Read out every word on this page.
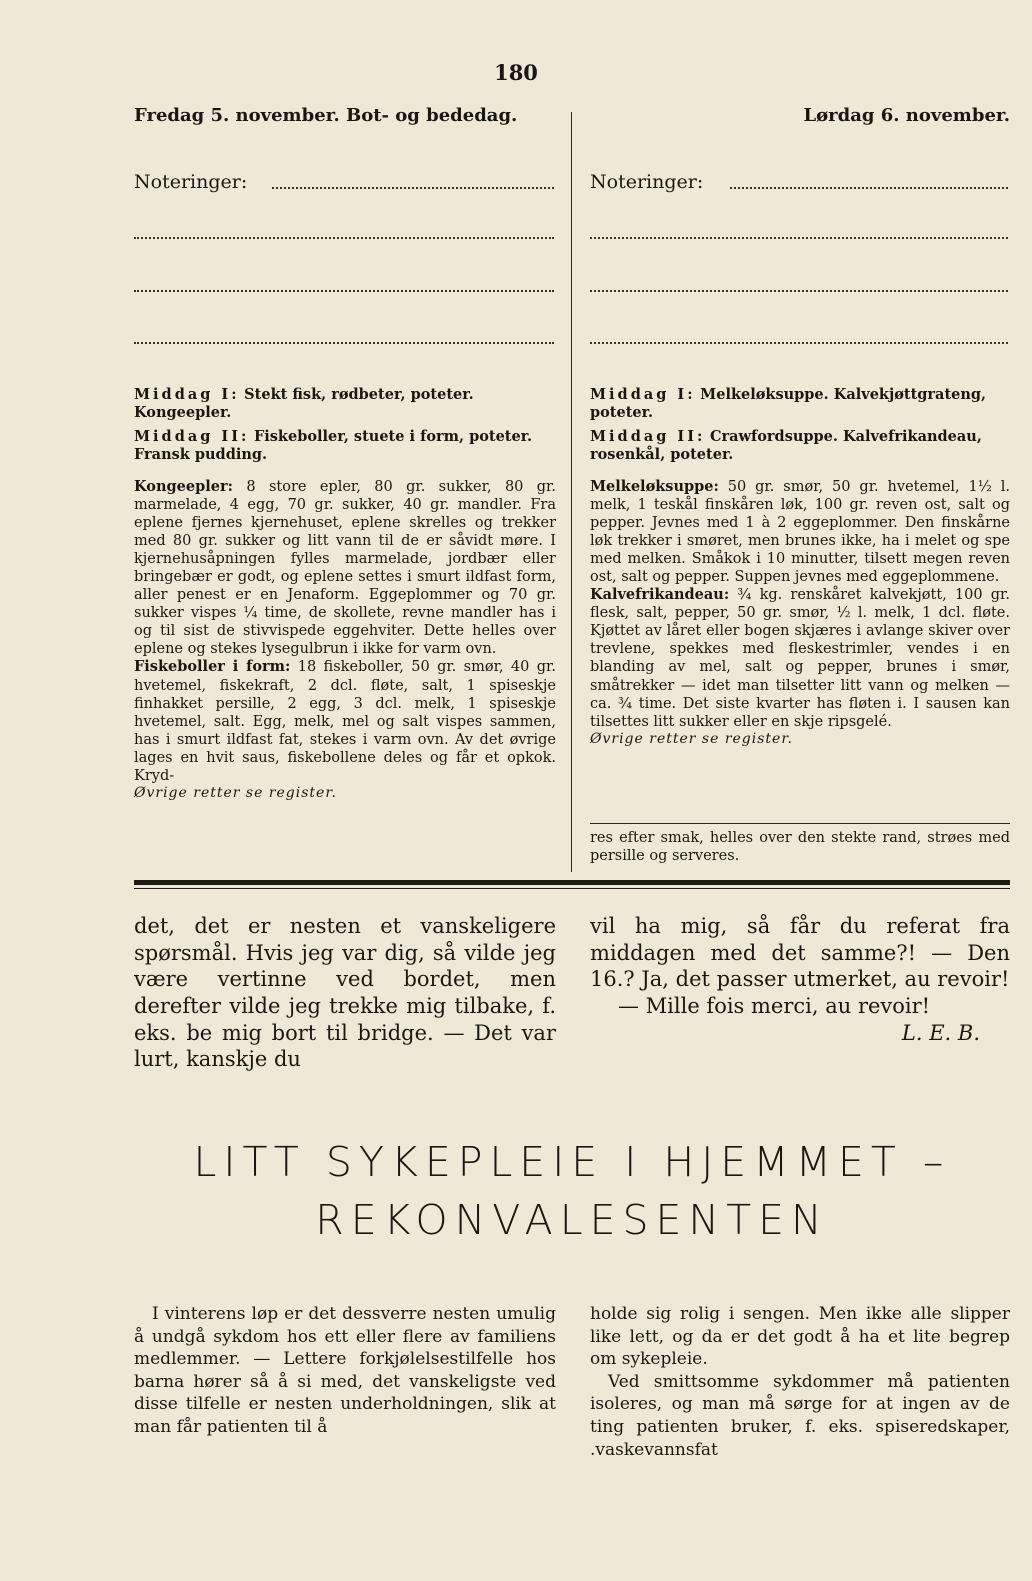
180
Fredag 5. november. Bot- og bededag.	Lørdag 6. november.
Noteringer:	Noteringer:

Middag I: Stekt fisk, rødbeter, poteter. Kongeepler.

Middag II: Fiskeboller, stuete i form, poteter. Fransk pudding.

Kongeepler: 8 store epler, 80 gr. sukker, 80 gr. marmelade, 4 egg, 70 gr. sukker, 40 gr. mandler. Fra eplene fjernes kjernehuset, eplene skrelles og trekker med 80 gr. sukker og litt vann til de er såvidt møre. I kjernehusåpningen fylles marmelade, jordbær eller bringebær er godt, og eplene settes i smurt ildfast form, aller penest er en Jenaform. Eggeplommer og 70 gr. sukker vispes ¼ time, de skollete, revne mandler has i og til sist de stivvispede eggehviter. Dette helles over eplene og stekes lysegulbrun i ikke for varm ovn.

Fiskeboller i form: 18 fiskeboller, 50 gr. smør, 40 gr. hvetemel, fiskekraft, 2 dcl. fløte, salt, 1 spiseskje finhakket persille, 2 egg, 3 dcl. melk, 1 spiseskje hvetemel, salt. Egg, melk, mel og salt vispes sammen, has i smurt ildfast fat, stekes i varm ovn. Av det øvrige lages en hvit saus, fiskebollene deles og får et opkok. Kryd-

Øvrige retter se register.

Middag I: Melkeløksuppe. Kalvekjøttgrateng, poteter.

Middag II: Crawfordsuppe. Kalvefrikandeau, rosenkål, poteter.

Melkeløksuppe: 50 gr. smør, 50 gr. hvetemel, 1½ l. melk, 1 teskål finskåren løk, 100 gr. reven ost, salt og pepper. Jevnes med 1 à 2 eggeplommer. Den finskårne løk trekker i smøret, men brunes ikke, ha i melet og spe med melken. Småkok i 10 minutter, tilsett megen reven ost, salt og pepper. Suppen jevnes med eggeplommene.

Kalvefrikandeau: ¾ kg. renskåret kalvekjøtt, 100 gr. flesk, salt, pepper, 50 gr. smør, ½ l. melk, 1 dcl. fløte. Kjøttet av låret eller bogen skjæres i avlange skiver over trevlene, spekkes med fleskestrimler, vendes i en blanding av mel, salt og pepper, brunes i smør, småtrekker — idet man tilsetter litt vann og melken — ca. ¾ time. Det siste kvarter has fløten i. I sausen kan tilsettes litt sukker eller en skje ripsgelé.

Øvrige retter se register.

res efter smak, helles over den stekte rand, strøes med persille og serveres.

det, det er nesten et vanskeligere spørsmål. Hvis jeg var dig, så vilde jeg være vertinne ved bordet, men derefter vilde jeg trekke mig tilbake, f. eks. be mig bort til bridge. — Det var lurt, kanskje du

vil ha mig, så får du referat fra middagen med det samme?! — Den 16.? Ja, det passer utmerket, au revoir!

— Mille fois merci, au revoir!

L. E. B.

LITT SYKEPLEIE I HJEMMET –
REKONVALESENTEN

I vinterens løp er det dessverre nesten umulig å undgå sykdom hos ett eller flere av familiens medlemmer. — Lettere forkjølelsestilfelle hos barna hører så å si med, det vanskeligste ved disse tilfelle er nesten underholdningen, slik at man får patienten til å

holde sig rolig i sengen. Men ikke alle slipper like lett, og da er det godt å ha et lite begrep om sykepleie.

Ved smittsomme sykdommer må patienten isoleres, og man må sørge for at ingen av de ting patienten bruker, f. eks. spiseredskaper, .vaskevannsfat
